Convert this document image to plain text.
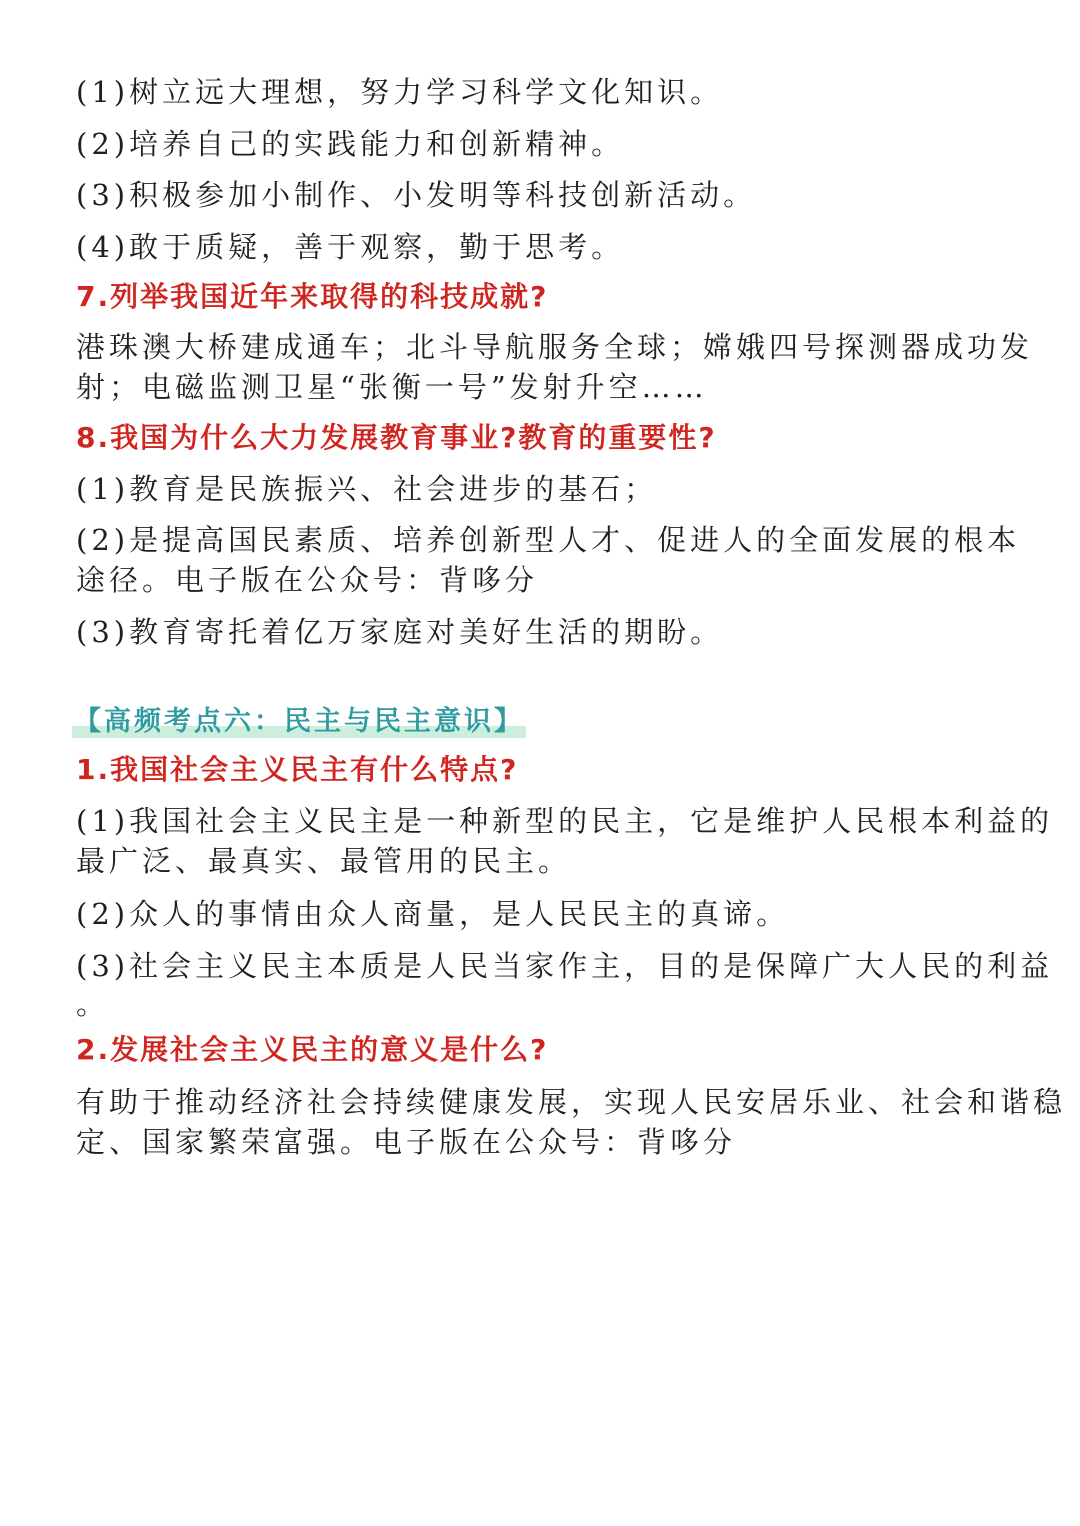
(1)树立远大理想，努力学习科学文化知识。
(2)培养自己的实践能力和创新精神。
(3)积极参加小制作、小发明等科技创新活动。
(4)敢于质疑，善于观察，勤于思考。
7.列举我国近年来取得的科技成就?
港珠澳大桥建成通车；北斗导航服务全球；嫦娥四号探测器成功发
射；电磁监测卫星“张衡一号”发射升空……
8.我国为什么大力发展教育事业?教育的重要性?
(1)教育是民族振兴、社会进步的基石；
(2)是提高国民素质、培养创新型人才、促进人的全面发展的根本
途径。电子版在公众号：背哆分
(3)教育寄托着亿万家庭对美好生活的期盼。
【高频考点六：民主与民主意识】
1.我国社会主义民主有什么特点?
(1)我国社会主义民主是一种新型的民主，它是维护人民根本利益的
最广泛、最真实、最管用的民主。
(2)众人的事情由众人商量，是人民民主的真谛。
(3)社会主义民主本质是人民当家作主，目的是保障广大人民的利益
。
2.发展社会主义民主的意义是什么?
有助于推动经济社会持续健康发展，实现人民安居乐业、社会和谐稳
定、国家繁荣富强。电子版在公众号：背哆分
